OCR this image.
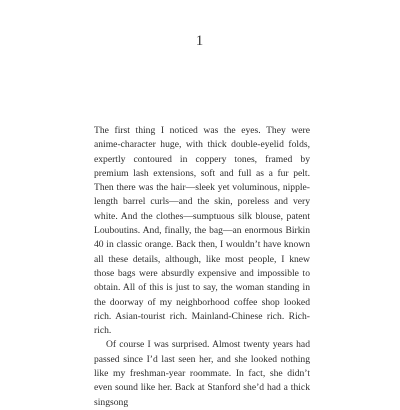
1

The first thing I noticed was the eyes. They were anime-character huge, with thick double-eyelid folds, expertly contoured in coppery tones, framed by premium lash extensions, soft and full as a fur pelt. Then there was the hair—sleek yet voluminous, nipple-length barrel curls—and the skin, poreless and very white. And the clothes—sumptuous silk blouse, patent Louboutins. And, finally, the bag—an enormous Birkin 40 in classic orange. Back then, I wouldn’t have known all these details, although, like most people, I knew those bags were absurdly expensive and impossible to obtain. All of this is just to say, the woman standing in the doorway of my neighborhood coffee shop looked rich. Asian-tourist rich. Mainland-Chinese rich. Rich-rich.

Of course I was surprised. Almost twenty years had passed since I’d last seen her, and she looked nothing like my freshman-year roommate. In fact, she didn’t even sound like her. Back at Stanford she’d had a thick singsong
